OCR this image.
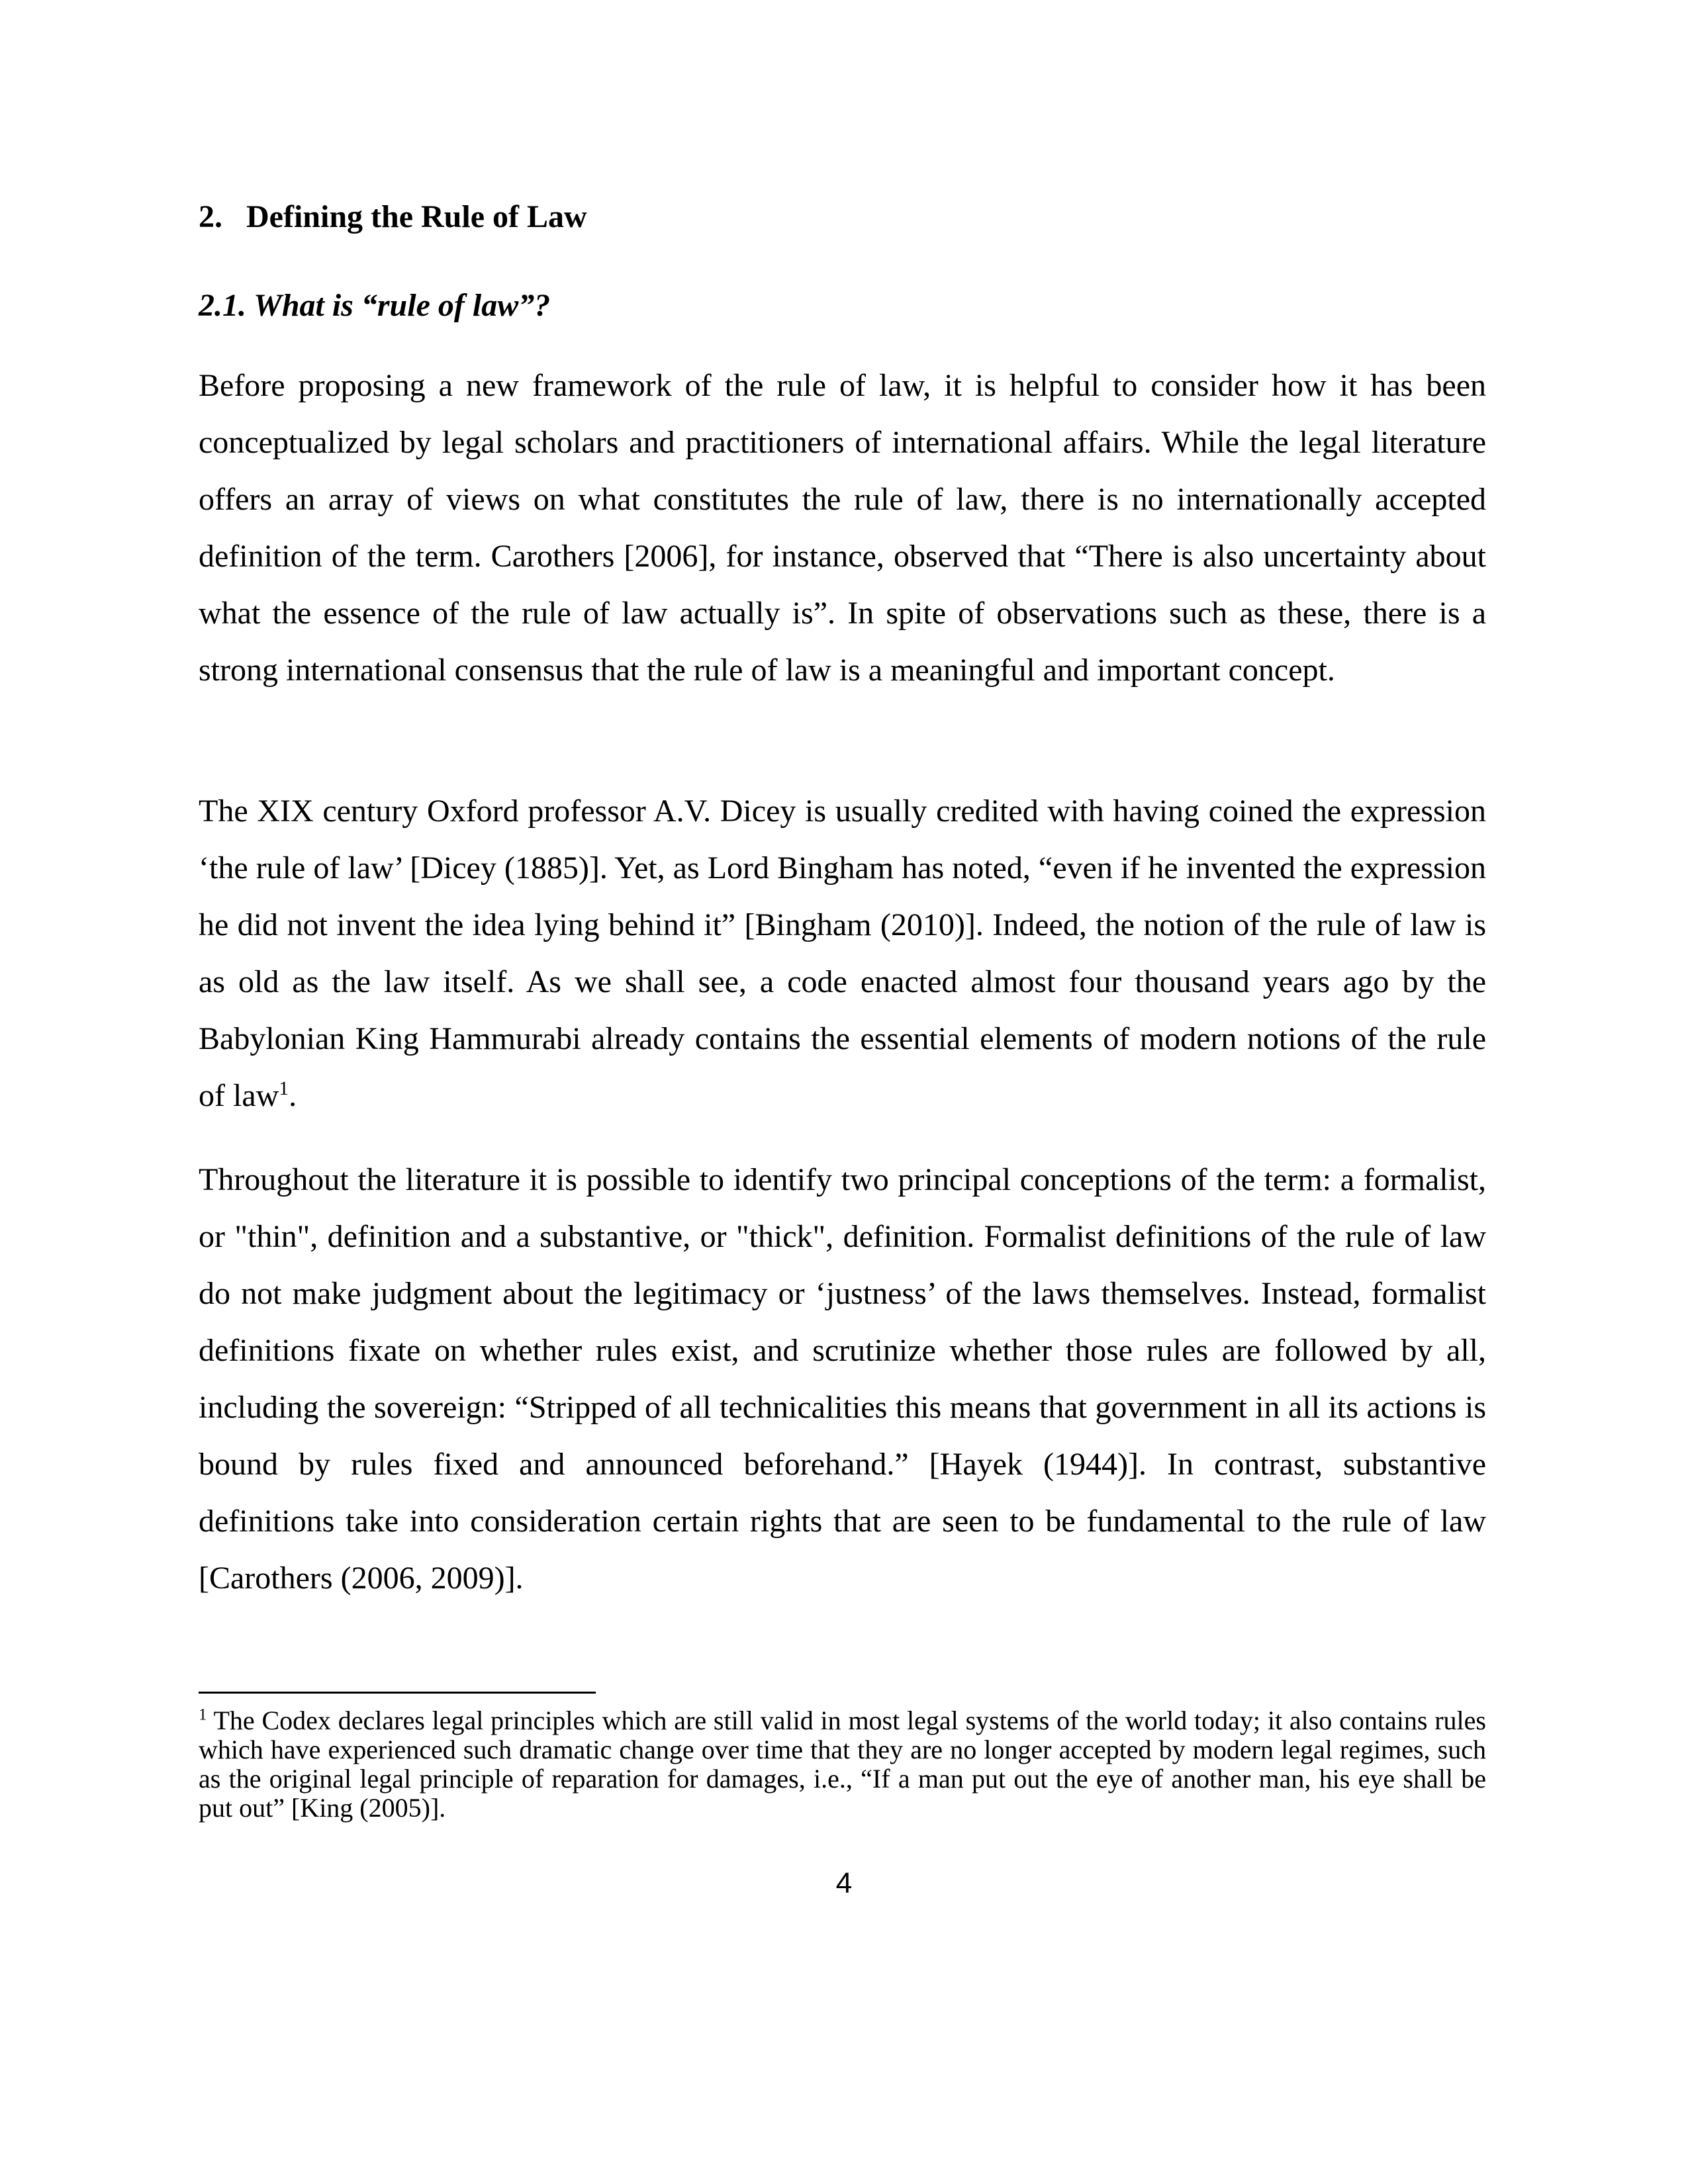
2. Defining the Rule of Law
2.1. What is “rule of law”?

Before proposing a new framework of the rule of law, it is helpful to consider how it has been conceptualized by legal scholars and practitioners of international affairs. While the legal literature offers an array of views on what constitutes the rule of law, there is no internationally accepted definition of the term. Carothers [2006], for instance, observed that “There is also uncertainty about what the essence of the rule of law actually is”. In spite of observations such as these, there is a strong international consensus that the rule of law is a meaningful and important concept.

The XIX century Oxford professor A.V. Dicey is usually credited with having coined the expression ‘the rule of law’ [Dicey (1885)]. Yet, as Lord Bingham has noted, “even if he invented the expression he did not invent the idea lying behind it” [Bingham (2010)]. Indeed, the notion of the rule of law is as old as the law itself. As we shall see, a code enacted almost four thousand years ago by the Babylonian King Hammurabi already contains the essential elements of modern notions of the rule of law$^1$.

Throughout the literature it is possible to identify two principal conceptions of the term: a formalist, or "thin", definition and a substantive, or "thick", definition. Formalist definitions of the rule of law do not make judgment about the legitimacy or ‘justness’ of the laws themselves. Instead, formalist definitions fixate on whether rules exist, and scrutinize whether those rules are followed by all, including the sovereign: “Stripped of all technicalities this means that government in all its actions is bound by rules fixed and announced beforehand.” [Hayek (1944)]. In contrast, substantive definitions take into consideration certain rights that are seen to be fundamental to the rule of law [Carothers (2006, 2009)].

$^1$ The Codex declares legal principles which are still valid in most legal systems of the world today; it also contains rules which have experienced such dramatic change over time that they are no longer accepted by modern legal regimes, such as the original legal principle of reparation for damages, i.e., “If a man put out the eye of another man, his eye shall be put out” [King (2005)].

4
